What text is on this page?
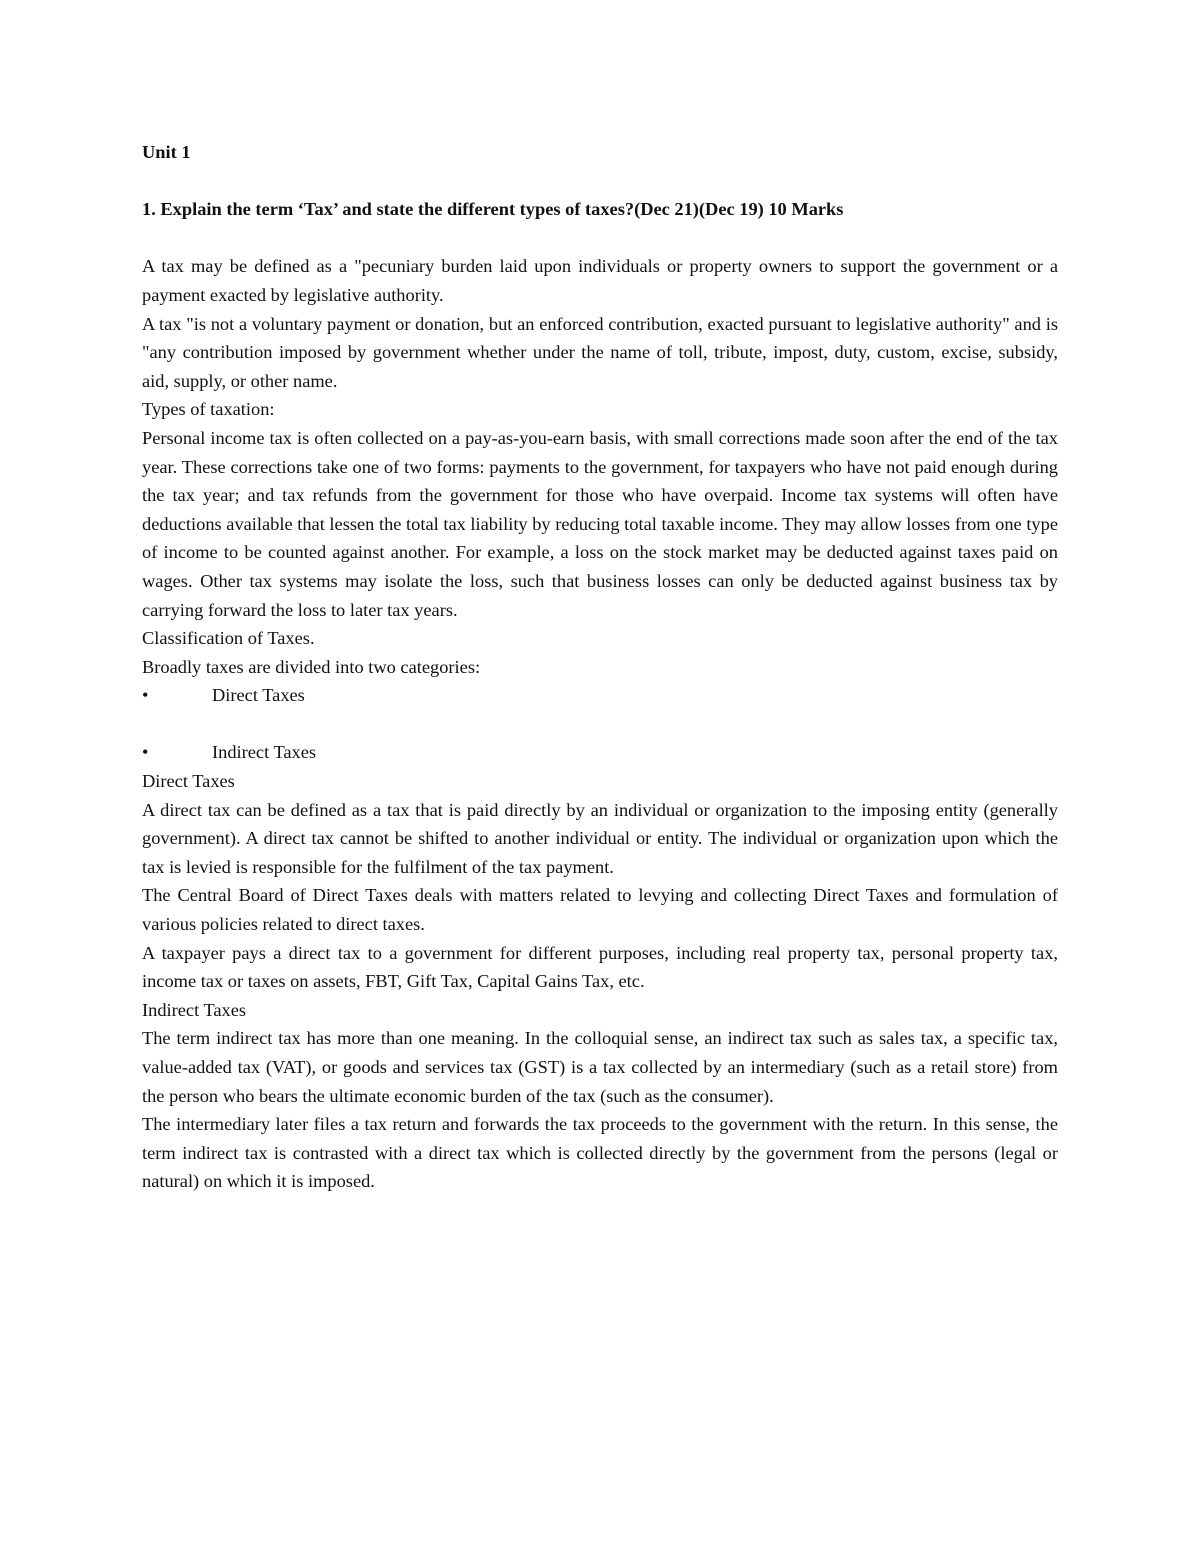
Unit 1

1. Explain the term ‘Tax’ and state the different types of taxes?(Dec 21)(Dec 19) 10 Marks

A tax may be defined as a "pecuniary burden laid upon individuals or property owners to support the government or a payment exacted by legislative authority.

A tax "is not a voluntary payment or donation, but an enforced contribution, exacted pursuant to legislative authority" and is "any contribution imposed by government whether under the name of toll, tribute, impost, duty, custom, excise, subsidy, aid, supply, or other name.

Types of taxation:

Personal income tax is often collected on a pay-as-you-earn basis, with small corrections made soon after the end of the tax year. These corrections take one of two forms: payments to the government, for taxpayers who have not paid enough during the tax year; and tax refunds from the government for those who have overpaid. Income tax systems will often have deductions available that lessen the total tax liability by reducing total taxable income. They may allow losses from one type of income to be counted against another. For example, a loss on the stock market may be deducted against taxes paid on wages. Other tax systems may isolate the loss, such that business losses can only be deducted against business tax by carrying forward the loss to later tax years.

Classification of Taxes.

Broadly taxes are divided into two categories:

•	Direct Taxes
•	Indirect Taxes

Direct Taxes

A direct tax can be defined as a tax that is paid directly by an individual or organization to the imposing entity (generally government). A direct tax cannot be shifted to another individual or entity. The individual or organization upon which the tax is levied is responsible for the fulfilment of the tax payment.

The Central Board of Direct Taxes deals with matters related to levying and collecting Direct Taxes and formulation of various policies related to direct taxes.

A taxpayer pays a direct tax to a government for different purposes, including real property tax, personal property tax, income tax or taxes on assets, FBT, Gift Tax, Capital Gains Tax, etc.

Indirect Taxes

The term indirect tax has more than one meaning. In the colloquial sense, an indirect tax such as sales tax, a specific tax, value-added tax (VAT), or goods and services tax (GST) is a tax collected by an intermediary (such as a retail store) from the person who bears the ultimate economic burden of the tax (such as the consumer).

The intermediary later files a tax return and forwards the tax proceeds to the government with the return. In this sense, the term indirect tax is contrasted with a direct tax which is collected directly by the government from the persons (legal or natural) on which it is imposed.
